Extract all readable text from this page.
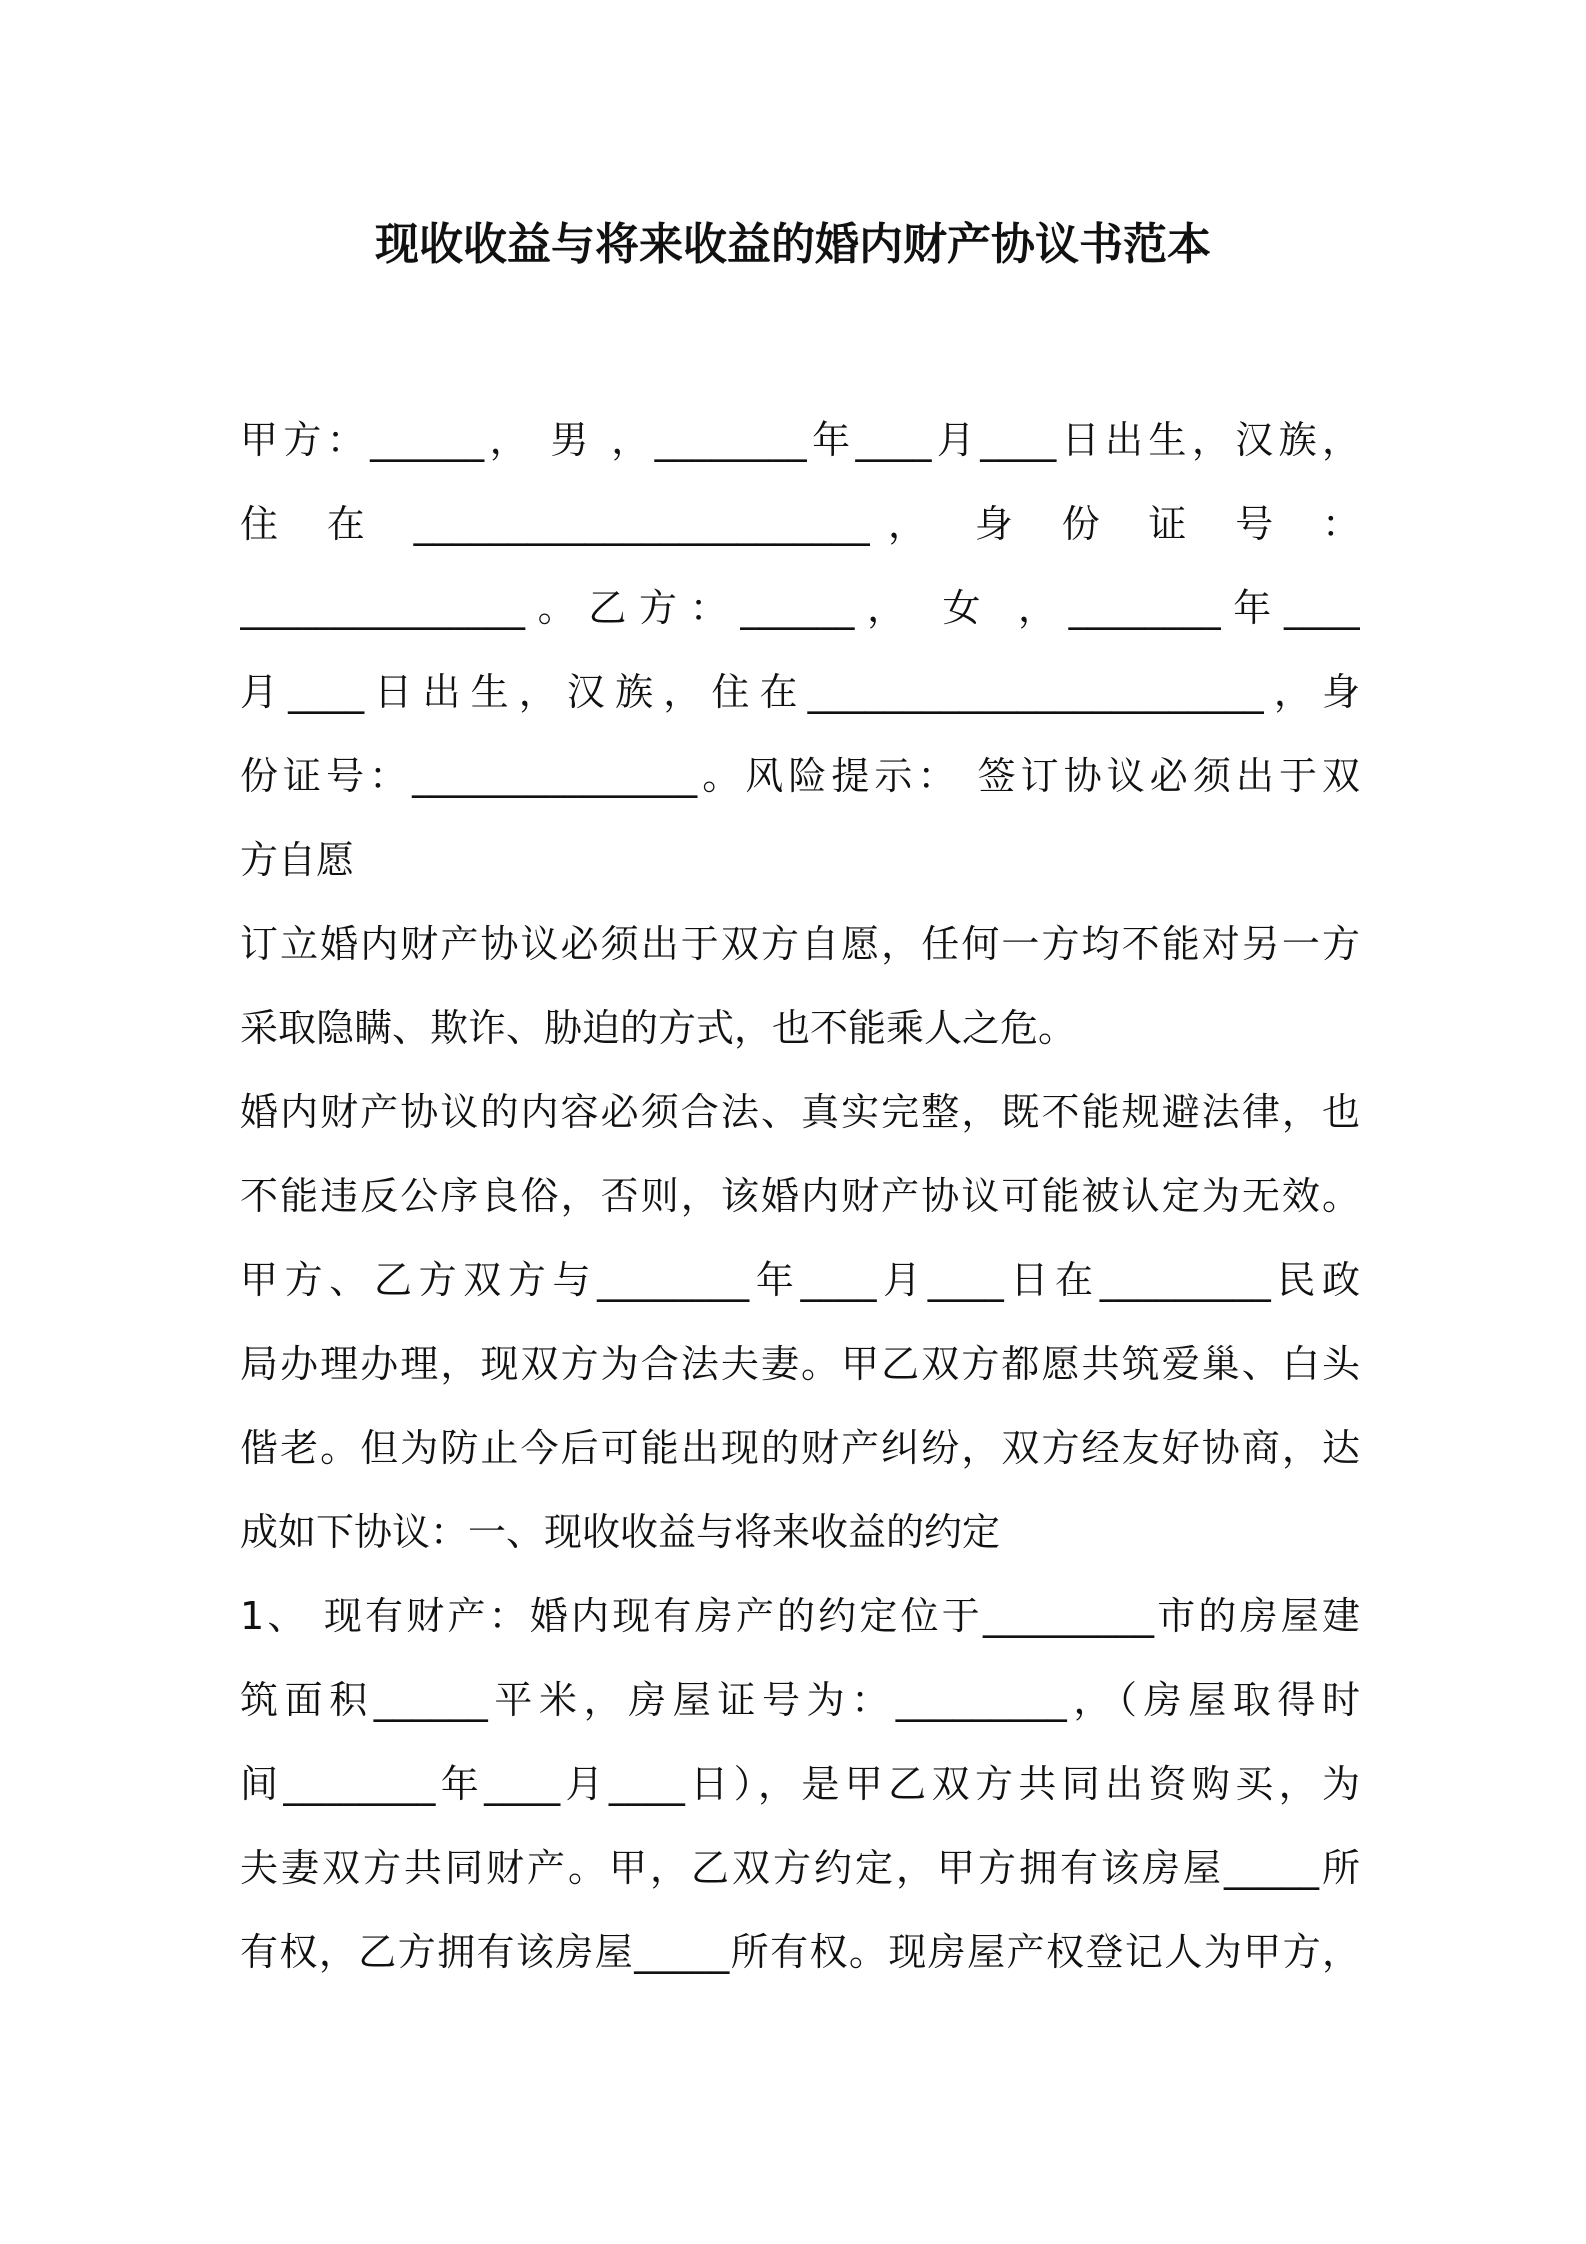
现收收益与将来收益的婚内财产协议书范本

甲方：______， 男 ，________年____月____日出生，汉族，

住 在 ________________________， 身 份 证 号 ：

_______________。乙方：______， 女 ，________年____

月____日出生，汉族，住在________________________，身

份证号：_______________。风险提示： 签订协议必须出于双

方自愿

订立婚内财产协议必须出于双方自愿，任何一方均不能对另一方

采取隐瞒、欺诈、胁迫的方式，也不能乘人之危。

婚内财产协议的内容必须合法、真实完整，既不能规避法律，也

不能违反公序良俗，否则，该婚内财产协议可能被认定为无效。

甲方、乙方双方与________年____月____日在_________民政

局办理办理，现双方为合法夫妻。甲乙双方都愿共筑爱巢、白头

偕老。但为防止今后可能出现的财产纠纷，双方经友好协商，达

成如下协议：一、现收收益与将来收益的约定

1、 现有财产：婚内现有房产的约定位于_________市的房屋建

筑面积______平米，房屋证号为：_________，（房屋取得时

间________年____月____日），是甲乙双方共同出资购买，为

夫妻双方共同财产。甲，乙双方约定，甲方拥有该房屋_____所

有权，乙方拥有该房屋_____所有权。现房屋产权登记人为甲方，
